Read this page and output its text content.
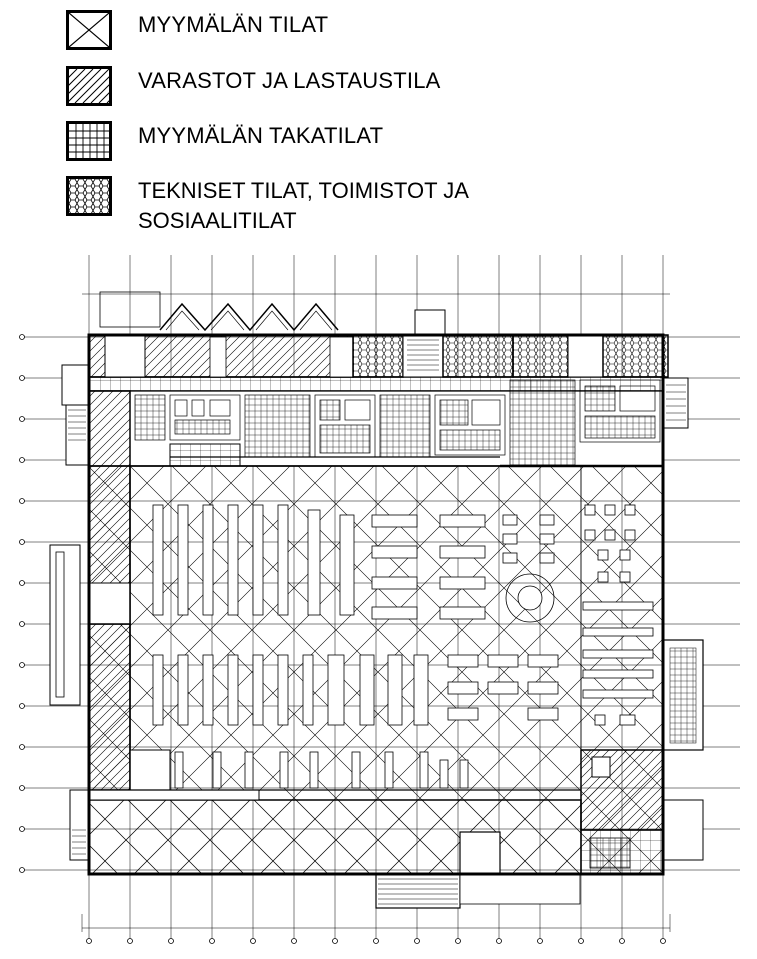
MYYMÄLÄN TILAT
VARASTOT JA LASTAUSTILA
MYYMÄLÄN TAKATILAT
TEKNISET TILAT, TOIMISTOT JA
SOSIAALITILAT
